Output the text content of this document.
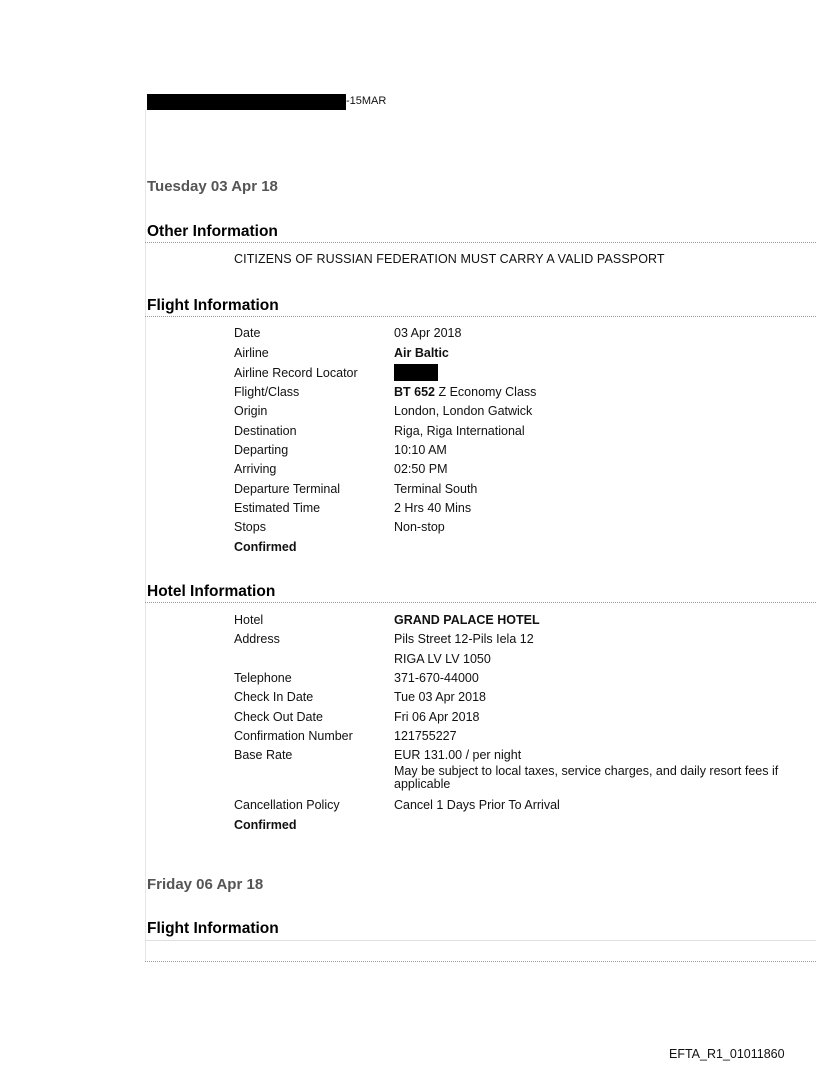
-15MAR
Tuesday 03 Apr 18
Other Information
CITIZENS OF RUSSIAN FEDERATION MUST CARRY A VALID PASSPORT
Flight Information
Date	03 Apr 2018
Airline	Air Baltic
Airline Record Locator
Flight/Class	BT 652 Z Economy Class
Origin	London, London Gatwick
Destination	Riga, Riga International
Departing	10:10 AM
Arriving	02:50 PM
Departure Terminal	Terminal South
Estimated Time	2 Hrs 40 Mins
Stops	Non-stop
Confirmed
Hotel Information
Hotel	GRAND PALACE HOTEL
Address	Pils Street 12-Pils Iela 12
RIGA LV LV 1050
Telephone	371-670-44000
Check In Date	Tue 03 Apr 2018
Check Out Date	Fri 06 Apr 2018
Confirmation Number	121755227
Base Rate	EUR 131.00 / per night
May be subject to local taxes, service charges, and daily resort fees if applicable
Cancellation Policy	Cancel 1 Days Prior To Arrival
Confirmed
Friday 06 Apr 18
Flight Information
EFTA_R1_01011860
